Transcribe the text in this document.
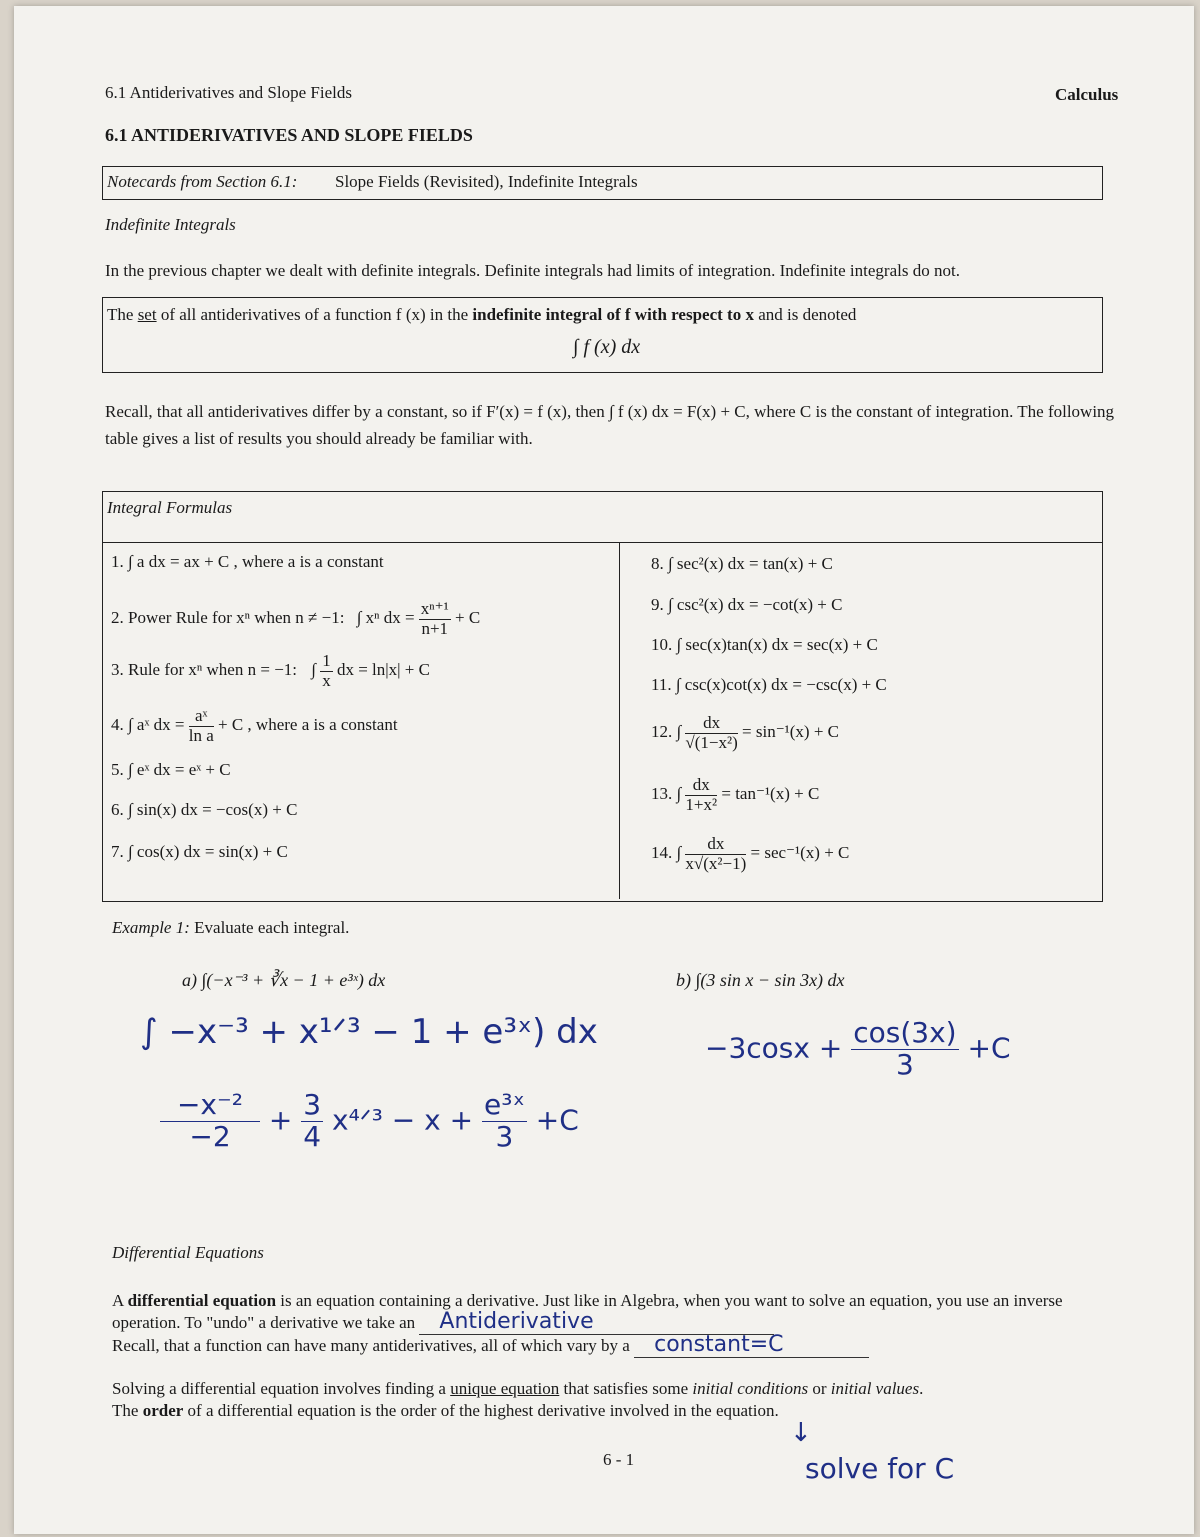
6.1 Antiderivatives and Slope Fields	Calculus
6.1 ANTIDERIVATIVES AND SLOPE FIELDS
Notecards from Section 6.1: Slope Fields (Revisited), Indefinite Integrals
Indefinite Integrals
In the previous chapter we dealt with definite integrals. Definite integrals had limits of integration. Indefinite integrals do not.
The set of all antiderivatives of a function f (x) in the indefinite integral of f with respect to x and is denoted
∫ f (x) dx
Recall, that all antiderivatives differ by a constant, so if F′(x) = f (x), then ∫ f (x) dx = F(x) + C, where C is the constant of integration. The following table gives a list of results you should already be familiar with.
Integral Formulas
1. ∫ a dx = ax + C , where a is a constant
2. Power Rule for xⁿ when n ≠ −1: ∫ xⁿ dx = $\frac{\text{xⁿ⁺¹}}{n+1} + C$
3. Rule for xⁿ when n = −1: ∫ $\frac{1}{x}$ dx = ln|x| + C
4. ∫ aˣ dx = $\frac{\text{aˣ}}{\text{ln a}} + C$ , where a is a constant
5. ∫ eˣ dx = eˣ + C
6. ∫ sin(x) dx = −cos(x) + C
7. ∫ cos(x) dx = sin(x) + C
8. ∫ sec²(x) dx = tan(x) + C
9. ∫ csc²(x) dx = −cot(x) + C
10. ∫ sec(x)tan(x) dx = sec(x) + C
11. ∫ csc(x)cot(x) dx = −csc(x) + C
12. ∫ $\frac{dx}{\text{√(1−x²)}} = \sin^{-1}(x) + C$
13. ∫ $\frac{dx}{\text{1+x²}} = \tan^{-1}(x) + C$
14. ∫ $\frac{dx}{\text{x√(x²−1)}} = \sec^{-1}(x) + C$
Example 1: Evaluate each integral.
a) ∫(−x⁻³ + ∛x − 1 + e³ˣ) dx	b) ∫(3 sin x − sin 3x) dx
∫ −x⁻³ + x¹ᐟ³ − 1 + e³ˣ) dx
$\frac{\text{−x⁻²}}{-2} + \frac{3}{4}$ x⁴ᐟ³ − $x + \frac{\text{e³ˣ}}{3} +C$
$-3\cos x + \frac{\cos(3x)}{3} +C$
Differential Equations
A differential equation is an equation containing a derivative. Just like in Algebra, when you want to solve an equation, you use an inverse operation. To "undo" a derivative we take an Antiderivative

Recall, that a function can have many antiderivatives, all of which vary by a constant=C

Solving a differential equation involves finding a unique equation that satisfies some initial conditions or initial values.
The order of a differential equation is the order of the highest derivative involved in the equation.
6 - 1
↓
solve for C
